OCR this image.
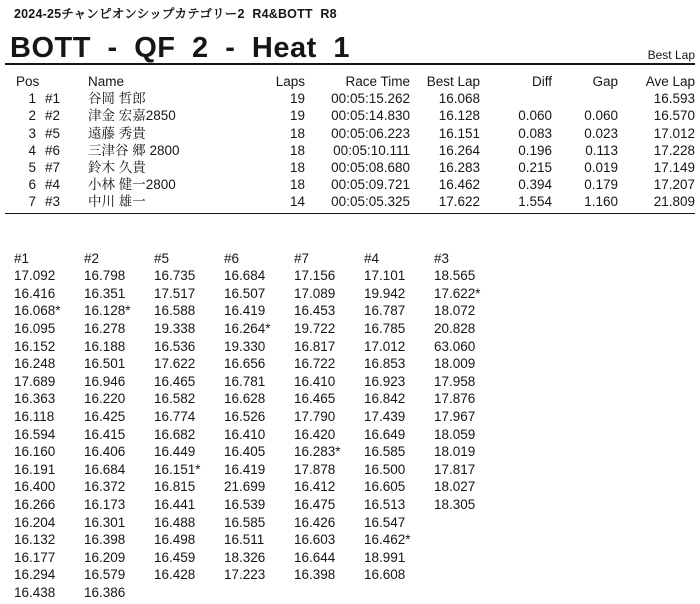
2024-25チャンピオンシップカテゴリー2 R4&BOTT R8
BOTT - QF 2 - Heat 1	Best Lap
Pos		Name	Laps	Race Time	Best Lap	Diff	Gap	Ave Lap
1	#1	谷岡 哲郎	19	00:05:15.262	16.068			16.593
2	#2	津金 宏嘉2850	19	00:05:14.830	16.128	0.060	0.060	16.570
3	#5	遠藤 秀貴	18	00:05:06.223	16.151	0.083	0.023	17.012
4	#6	三津谷 郷 2800	18	00:05:10.111	16.264	0.196	0.113	17.228
5	#7	鈴木 久貴	18	00:05:08.680	16.283	0.215	0.019	17.149
6	#4	小林 健一2800	18	00:05:09.721	16.462	0.394	0.179	17.207
7	#3	中川 雄一	14	00:05:05.325	17.622	1.554	1.160	21.809
#1	#2	#5	#6	#7	#4	#3
17.092	16.798	16.735	16.684	17.156	17.101	18.565
16.416	16.351	17.517	16.507	17.089	19.942	17.622*
16.068*	16.128*	16.588	16.419	16.453	16.787	18.072
16.095	16.278	19.338	16.264*	19.722	16.785	20.828
16.152	16.188	16.536	19.330	16.817	17.012	63.060
16.248	16.501	17.622	16.656	16.722	16.853	18.009
17.689	16.946	16.465	16.781	16.410	16.923	17.958
16.363	16.220	16.582	16.628	16.465	16.842	17.876
16.118	16.425	16.774	16.526	17.790	17.439	17.967
16.594	16.415	16.682	16.410	16.420	16.649	18.059
16.160	16.406	16.449	16.405	16.283*	16.585	18.019
16.191	16.684	16.151*	16.419	17.878	16.500	17.817
16.400	16.372	16.815	21.699	16.412	16.605	18.027
16.266	16.173	16.441	16.539	16.475	16.513	18.305
16.204	16.301	16.488	16.585	16.426	16.547	
16.132	16.398	16.498	16.511	16.603	16.462*	
16.177	16.209	16.459	18.326	16.644	18.991	
16.294	16.579	16.428	17.223	16.398	16.608	
16.438	16.386					
